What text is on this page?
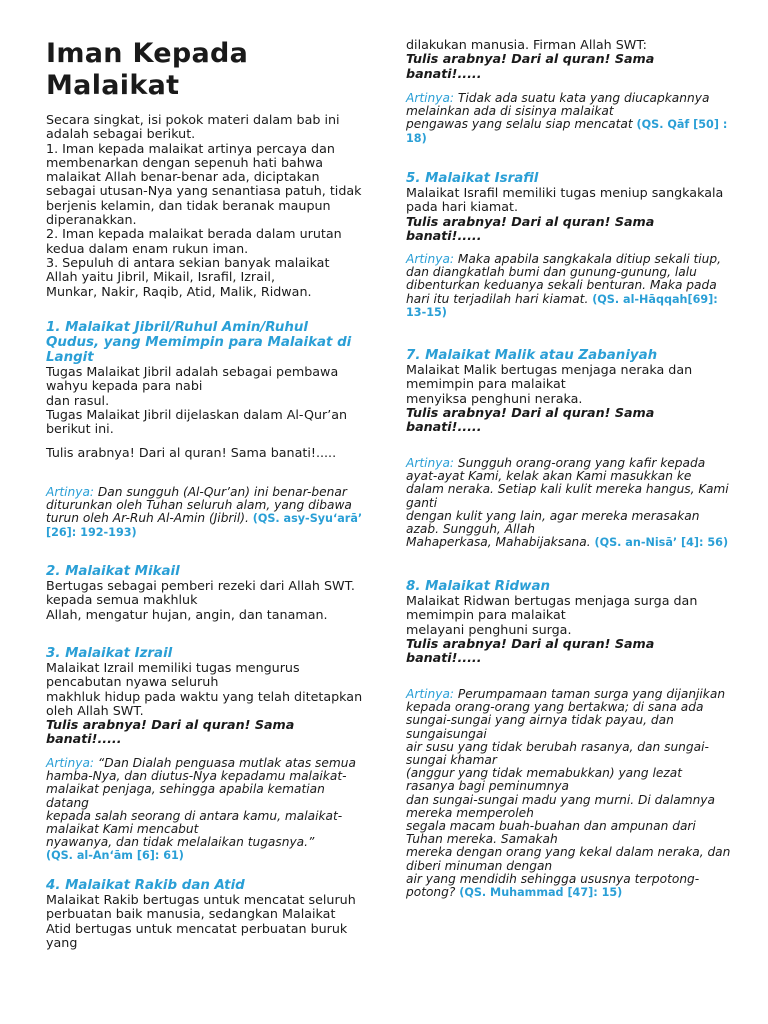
Iman Kepada Malaikat

Secara singkat, isi pokok materi dalam bab ini adalah sebagai berikut.
1. Iman kepada malaikat artinya percaya dan membenarkan dengan sepenuh hati bahwa malaikat Allah benar-benar ada, diciptakan sebagai utusan-Nya yang senantiasa patuh, tidak berjenis kelamin, dan tidak beranak maupun diperanakkan.
2. Iman kepada malaikat berada dalam urutan kedua dalam enam rukun iman.
3. Sepuluh di antara sekian banyak malaikat Allah yaitu Jibril, Mikail, Israfil, Izrail,
Munkar, Nakir, Raqib, Atid, Malik, Ridwan.

1. Malaikat Jibril/Ruhul Amin/Ruhul Qudus, yang Memimpin para Malaikat di Langit

Tugas Malaikat Jibril adalah sebagai pembawa wahyu kepada para nabi
dan rasul.
Tugas Malaikat Jibril dijelaskan dalam Al-Qur’an berikut ini.

Tulis arabnya! Dari al quran! Sama banati!.....

Artinya: Dan sungguh (Al-Qur’an) ini benar-benar diturunkan oleh Tuhan seluruh alam, yang dibawa turun oleh Ar-Ruh Al-Amin (Jibril). (QS. asy-Syu‘arā’ [26]: 192-193)

2. Malaikat Mikail

Bertugas sebagai pemberi rezeki dari Allah SWT. kepada semua makhluk
Allah, mengatur hujan, angin, dan tanaman.

3. Malaikat Izrail

Malaikat Izrail memiliki tugas mengurus pencabutan nyawa seluruh
makhluk hidup pada waktu yang telah ditetapkan oleh Allah SWT.

Tulis arabnya! Dari al quran! Sama banati!.....

Artinya: “Dan Dialah penguasa mutlak atas semua hamba-Nya, dan diutus-Nya kepadamu malaikat-malaikat penjaga, sehingga apabila kematian datang
kepada salah seorang di antara kamu, malaikat-malaikat Kami mencabut
nyawanya, dan tidak melalaikan tugasnya.”
(QS. al-An‘ām [6]: 61)

4. Malaikat Rakib dan Atid

Malaikat Rakib bertugas untuk mencatat seluruh perbuatan baik manusia, sedangkan Malaikat Atid bertugas untuk mencatat perbuatan buruk yang

dilakukan manusia. Firman Allah SWT:

Tulis arabnya! Dari al quran! Sama banati!.....

Artinya: Tidak ada suatu kata yang diucapkannya melainkan ada di sisinya malaikat
pengawas yang selalu siap mencatat (QS. Qāf [50] : 18)

5. Malaikat Israfil

Malaikat Israfil memiliki tugas meniup sangkakala pada hari kiamat.

Tulis arabnya! Dari al quran! Sama banati!.....

Artinya: Maka apabila sangkakala ditiup sekali tiup, dan diangkatlah bumi dan gunung-gunung, lalu dibenturkan keduanya sekali benturan. Maka pada
hari itu terjadilah hari kiamat. (QS. al-Hāqqah[69]: 13-15)

7. Malaikat Malik atau Zabaniyah

Malaikat Malik bertugas menjaga neraka dan memimpin para malaikat
menyiksa penghuni neraka.

Tulis arabnya! Dari al quran! Sama banati!.....

Artinya: Sungguh orang-orang yang kafir kepada ayat-ayat Kami, kelak akan Kami masukkan ke dalam neraka. Setiap kali kulit mereka hangus, Kami ganti
dengan kulit yang lain, agar mereka merasakan azab. Sungguh, Allah
Mahaperkasa, Mahabijaksana. (QS. an-Nisā’ [4]: 56)

8. Malaikat Ridwan

Malaikat Ridwan bertugas menjaga surga dan memimpin para malaikat
melayani penghuni surga.

Tulis arabnya! Dari al quran! Sama banati!.....

Artinya: Perumpamaan taman surga yang dijanjikan kepada orang-orang yang bertakwa; di sana ada sungai-sungai yang airnya tidak payau, dan sungaisungai
air susu yang tidak berubah rasanya, dan sungai-sungai khamar
(anggur yang tidak memabukkan) yang lezat rasanya bagi peminumnya
dan sungai-sungai madu yang murni. Di dalamnya mereka memperoleh
segala macam buah-buahan dan ampunan dari Tuhan mereka. Samakah
mereka dengan orang yang kekal dalam neraka, dan diberi minuman dengan
air yang mendidih sehingga ususnya terpotong-potong? (QS. Muhammad [47]: 15)
